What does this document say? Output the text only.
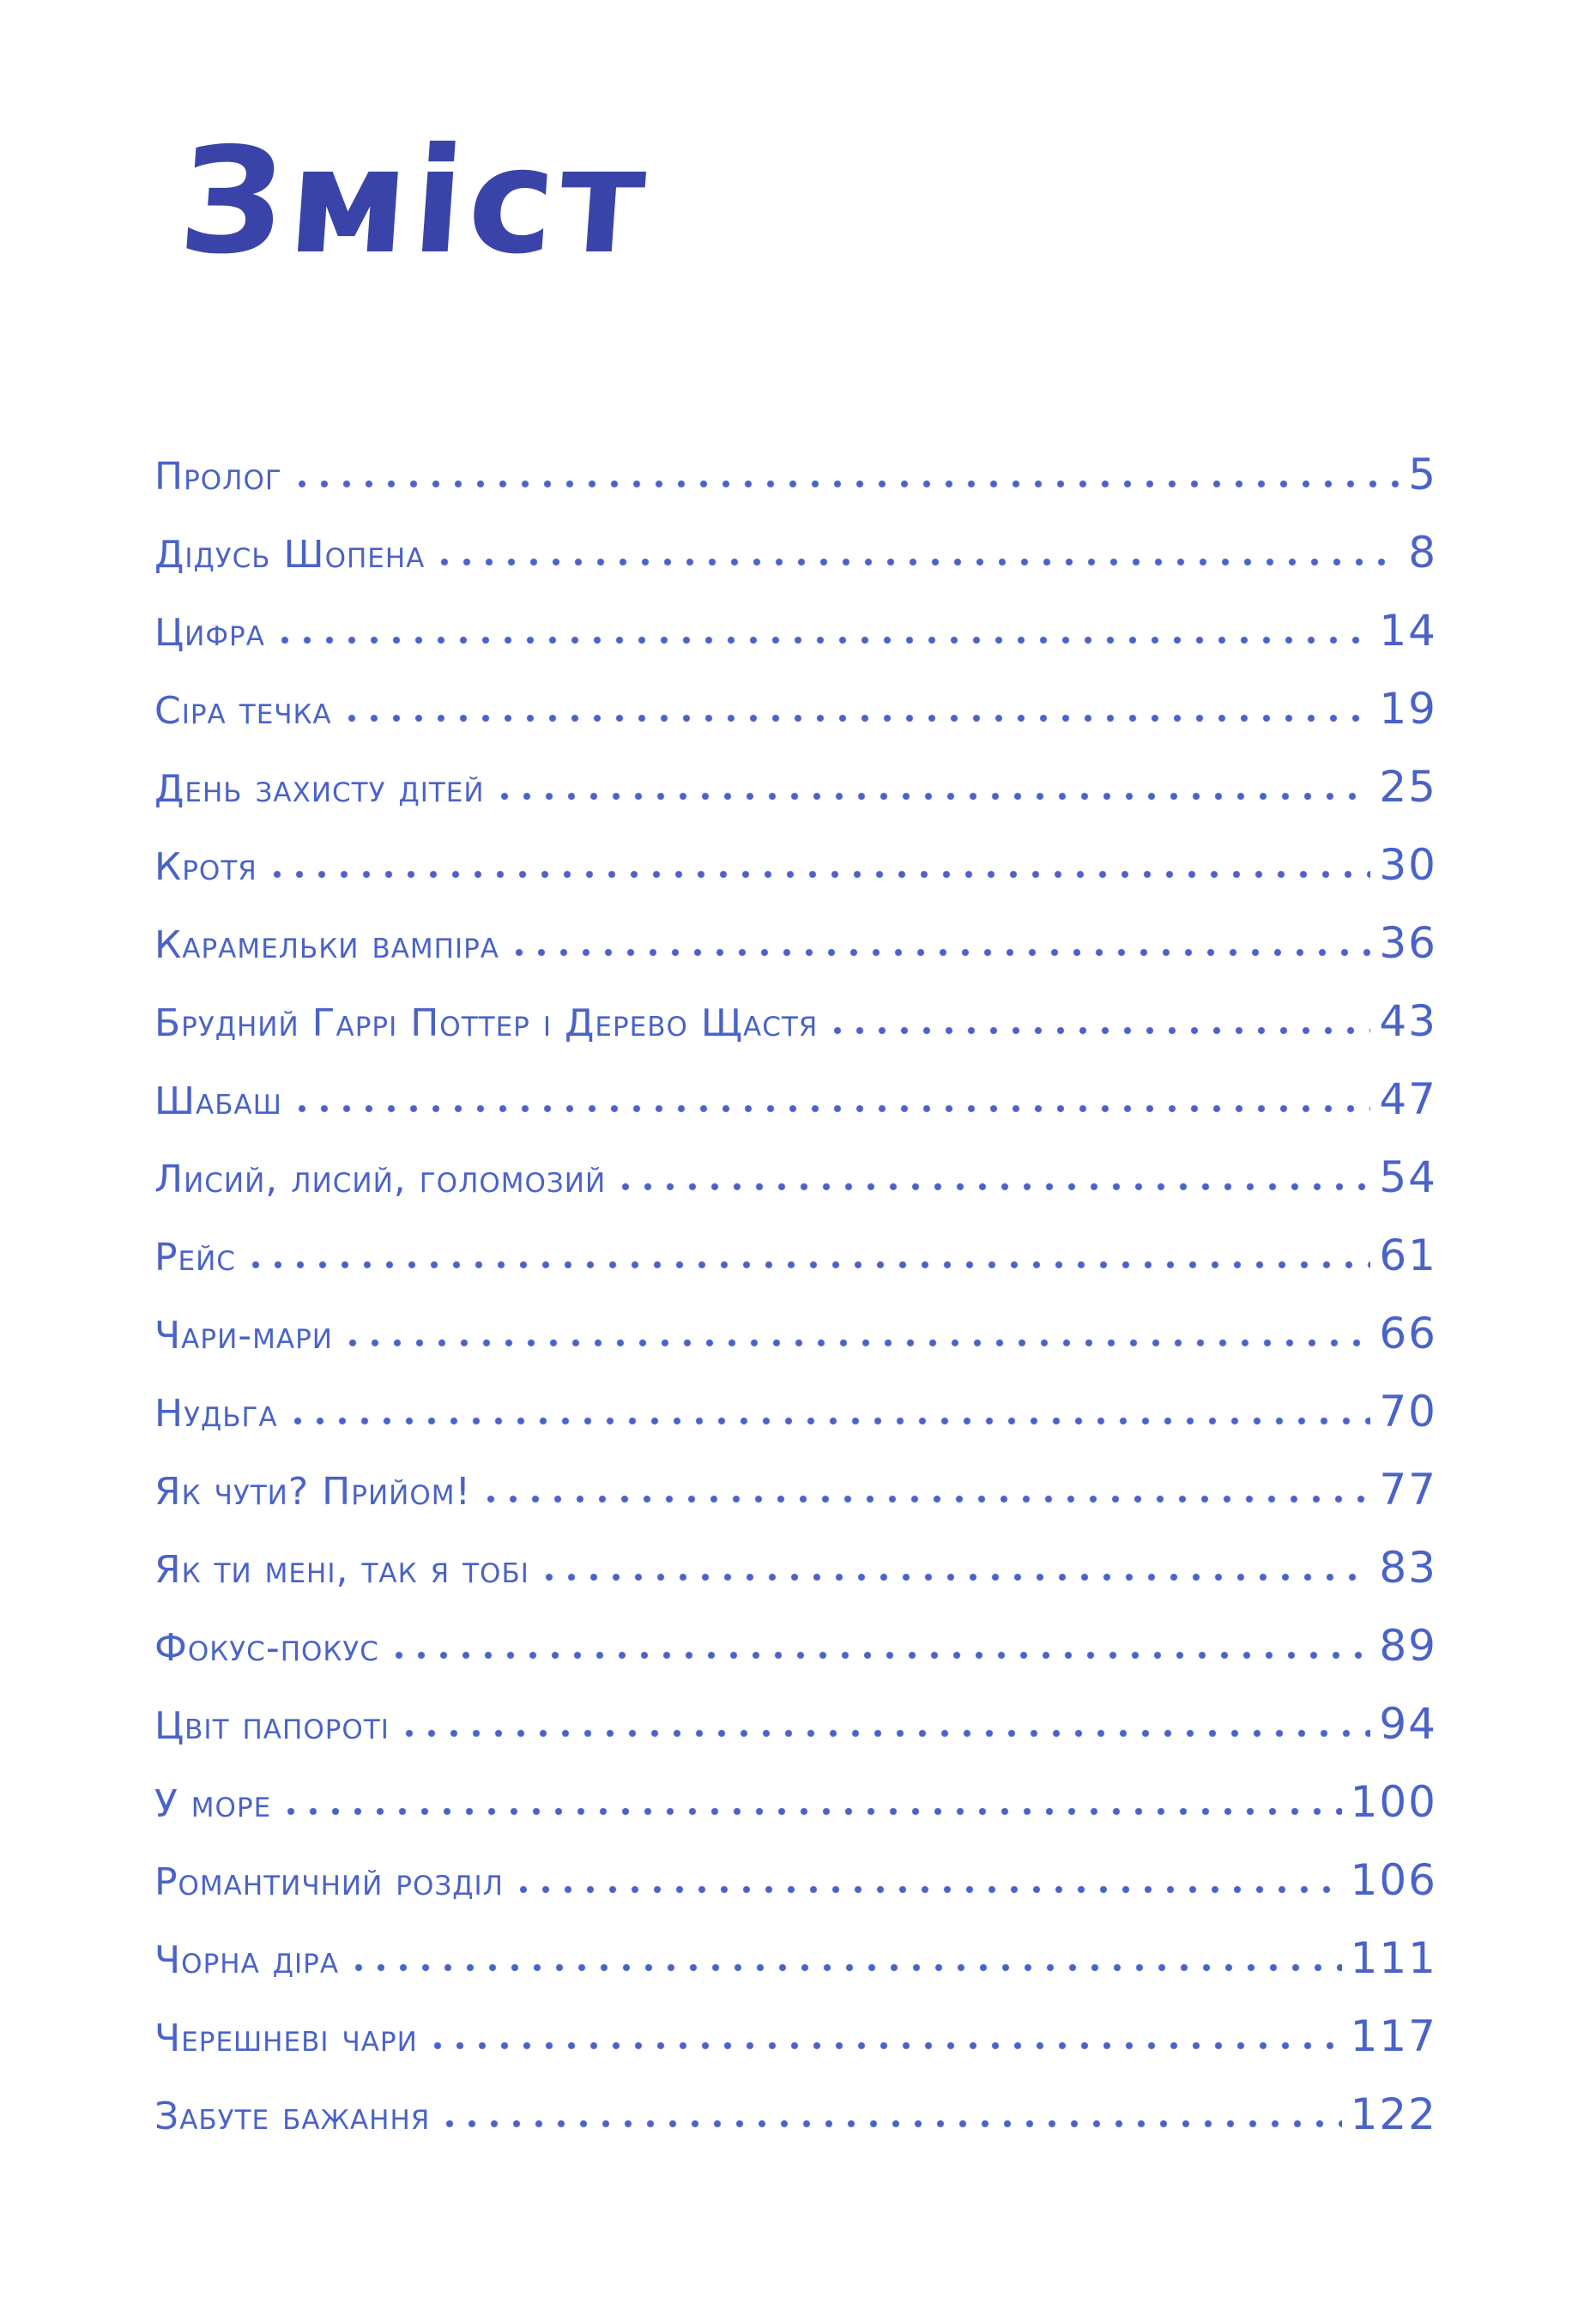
Зміст
Пролог	5
Дідусь Шопена	8
Цифра	14
Сіра течка	19
День захисту дітей	25
Кротя	30
Карамельки вампіра	36
Брудний Гаррі Поттер і Дерево Щастя	43
Шабаш	47
Лисий, лисий, голомозий	54
Рейс	61
Чари-мари	66
Нудьга	70
Як чути? Прийом!	77
Як ти мені, так я тобі	83
Фокус-покус	89
Цвіт папороті	94
У море	100
Романтичний розділ	106
Чорна діра	111
Черешневі чари	117
Забуте бажання	122
